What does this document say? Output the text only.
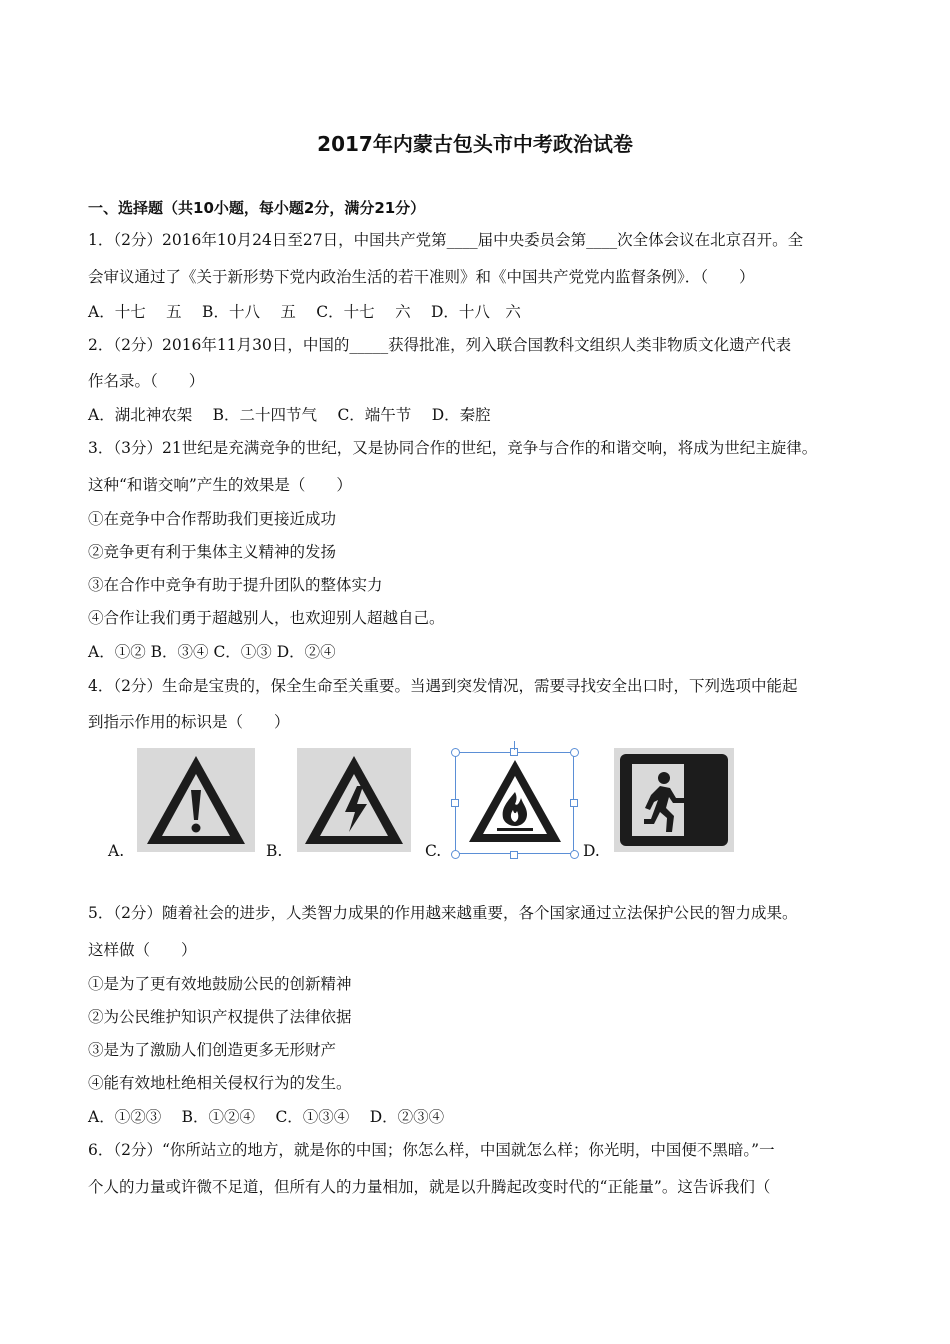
2017年内蒙古包头市中考政治试卷
一、选择题（共10小题，每小题2分，满分21分）
1．（2分）2016年10月24日至27日，中国共产党第____届中央委员会第____次全体会议在北京召开。全
会审议通过了《关于新形势下党内政治生活的若干准则》和《中国共产党党内监督条例》．（　　）
A．十七　 五　 B．十八　 五　 C．十七　 六　 D．十八　六
2．（2分）2016年11月30日，中国的_____获得批准，列入联合国教科文组织人类非物质文化遗产代表
作名录。（　　）
A．湖北神农架　 B．二十四节气　 C．端午节　 D．秦腔
3．（3分）21世纪是充满竞争的世纪，又是协同合作的世纪，竞争与合作的和谐交响，将成为世纪主旋律。
这种“和谐交响”产生的效果是（　　）
①在竞争中合作帮助我们更接近成功
②竞争更有利于集体主义精神的发扬
③在合作中竞争有助于提升团队的整体实力
④合作让我们勇于超越别人，也欢迎别人超越自己。
A．①② B．③④ C．①③ D．②④
4．（2分）生命是宝贵的，保全生命至关重要。当遇到突发情况，需要寻找安全出口时，下列选项中能起
到指示作用的标识是（　　）
A.	B.	C.	D.
5．（2分）随着社会的进步，人类智力成果的作用越来越重要，各个国家通过立法保护公民的智力成果。
这样做（　　）
①是为了更有效地鼓励公民的创新精神
②为公民维护知识产权提供了法律依据
③是为了激励人们创造更多无形财产
④能有效地杜绝相关侵权行为的发生。
A．①②③　 B．①②④　 C．①③④　 D．②③④
6．（2分）“你所站立的地方，就是你的中国；你怎么样，中国就怎么样；你光明，中国便不黑暗。”一
个人的力量或许微不足道，但所有人的力量相加，就是以升腾起改变时代的“正能量”。这告诉我们（
